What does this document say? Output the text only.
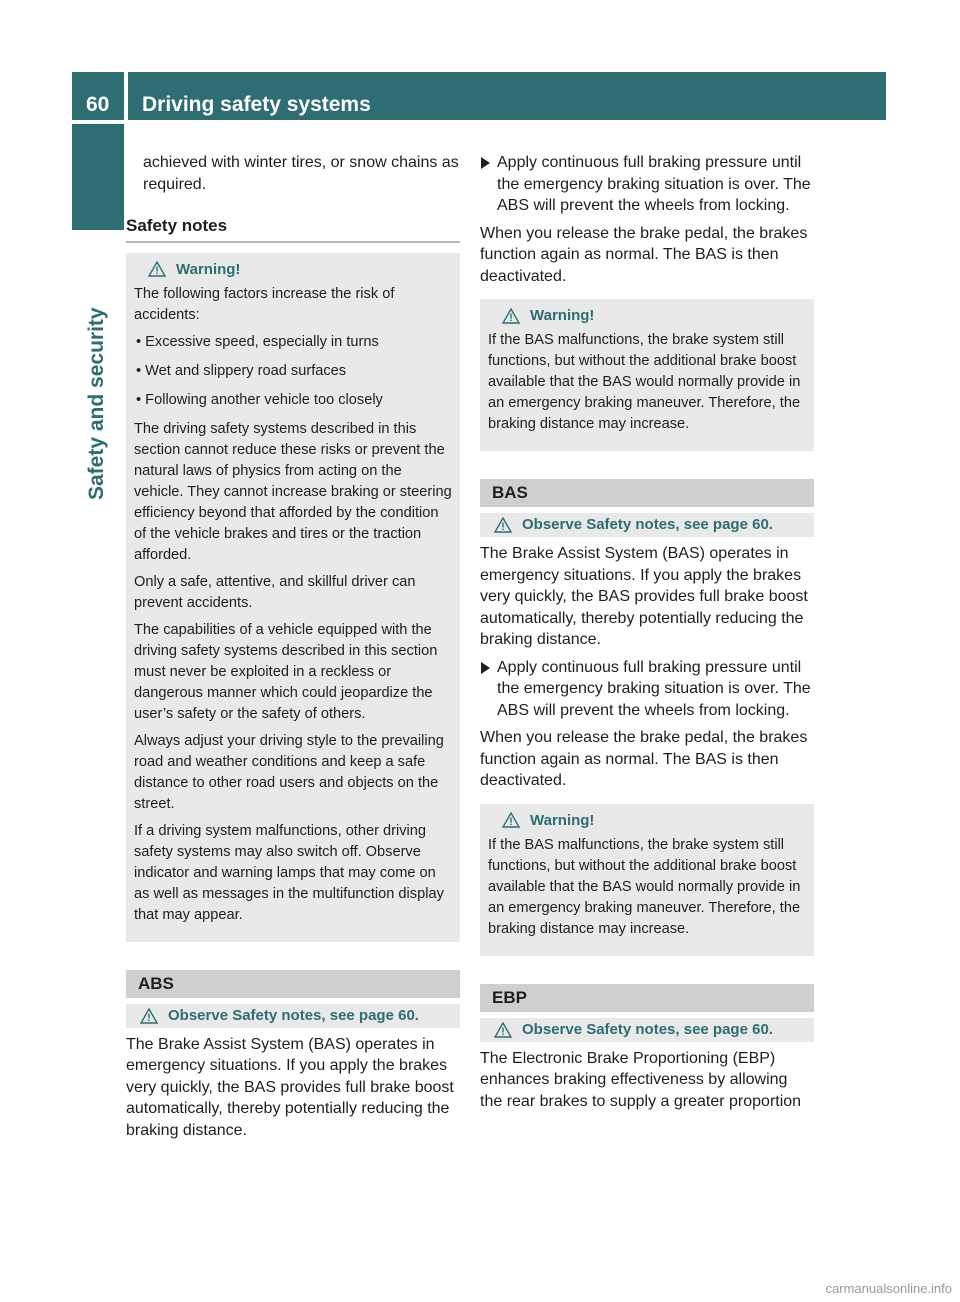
60	Driving safety systems
Safety and security

achieved with winter tires, or snow chains as required.

Safety notes
Warning!

The following factors increase the risk of accidents:

• Excessive speed, especially in turns

• Wet and slippery road surfaces

• Following another vehicle too closely

The driving safety systems described in this section cannot reduce these risks or prevent the natural laws of physics from acting on the vehicle. They cannot increase braking or steering efficiency beyond that afforded by the condition of the vehicle brakes and tires or the traction afforded.

Only a safe, attentive, and skillful driver can prevent accidents.

The capabilities of a vehicle equipped with the driving safety systems described in this section must never be exploited in a reckless or dangerous manner which could jeopardize the user’s safety or the safety of others.

Always adjust your driving style to the prevailing road and weather conditions and keep a safe distance to other road users and objects on the street.

If a driving system malfunctions, other driving safety systems may also switch off. Observe indicator and warning lamps that may come on as well as messages in the multifunction display that may appear.

ABS
Observe Safety notes, see page 60.

The Brake Assist System (BAS) operates in emergency situations. If you apply the brakes very quickly, the BAS provides full brake boost automatically, thereby potentially reducing the braking distance.

Apply continuous full braking pressure until the emergency braking situation is over. The ABS will prevent the wheels from locking.

When you release the brake pedal, the brakes function again as normal. The BAS is then deactivated.

Warning!

If the BAS malfunctions, the brake system still functions, but without the additional brake boost available that the BAS would normally provide in an emergency braking maneuver. Therefore, the braking distance may increase.

BAS
Observe Safety notes, see page 60.

The Brake Assist System (BAS) operates in emergency situations. If you apply the brakes very quickly, the BAS provides full brake boost automatically, thereby potentially reducing the braking distance.

Apply continuous full braking pressure until the emergency braking situation is over. The ABS will prevent the wheels from locking.

When you release the brake pedal, the brakes function again as normal. The BAS is then deactivated.

Warning!

If the BAS malfunctions, the brake system still functions, but without the additional brake boost available that the BAS would normally provide in an emergency braking maneuver. Therefore, the braking distance may increase.

EBP
Observe Safety notes, see page 60.

The Electronic Brake Proportioning (EBP) enhances braking effectiveness by allowing the rear brakes to supply a greater proportion

carmanualsonline.info
